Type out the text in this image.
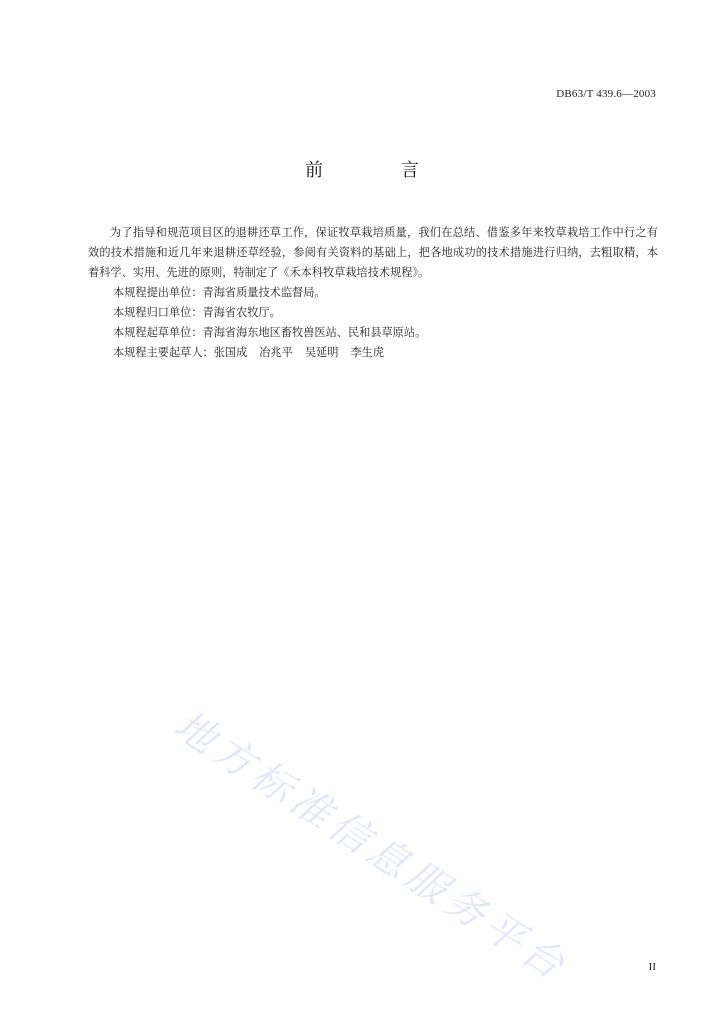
DB63/T 439.6—2003
前 言

为了指导和规范项目区的退耕还草工作，保证牧草栽培质量，我们在总结、借鉴多年来牧草栽培工作中行之有效的技术措施和近几年来退耕还草经验，参阅有关资料的基础上，把各地成功的技术措施进行归纳，去粗取精，本着科学、实用、先进的原则，特制定了《禾本科牧草栽培技术规程》。

本规程提出单位：青海省质量技术监督局。

本规程归口单位：青海省农牧厅。

本规程起草单位：青海省海东地区畜牧兽医站、民和县草原站。

本规程主要起草人：张国成 冶兆平 吴延明 李生虎

地方标准信息服务平台	II
